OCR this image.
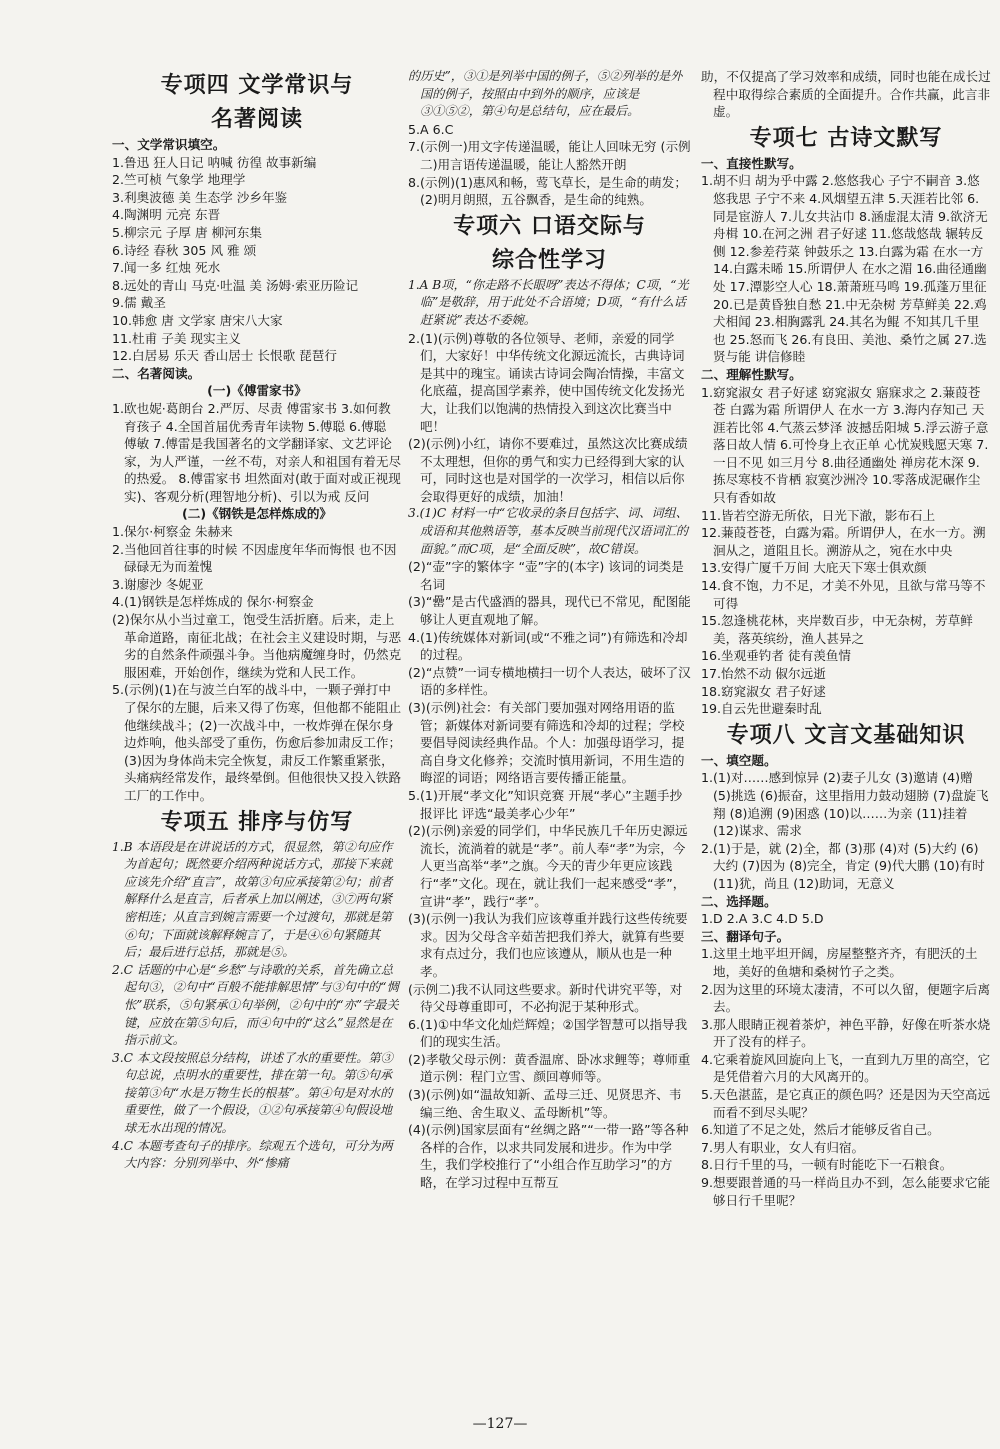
专项四 文学常识与

名著阅读

一、文学常识填空。

1.鲁迅 狂人日记 呐喊 彷徨 故事新编

2.竺可桢 气象学 地理学

3.利奥波德 美 生态学 沙乡年鉴

4.陶渊明 元亮 东晋

5.柳宗元 子厚 唐 柳河东集

6.诗经 春秋 305 风 雅 颂

7.闻一多 红烛 死水

8.远处的青山 马克·吐温 美 汤姆·索亚历险记

9.儒 戴圣

10.韩愈 唐 文学家 唐宋八大家

11.杜甫 子美 现实主义

12.白居易 乐天 香山居士 长恨歌 琵琶行

二、名著阅读。

(一)《傅雷家书》

1.欧也妮·葛朗台 2.严厉、尽责 傅雷家书 3.如何教育孩子 4.全国首届优秀青年读物 5.傅聪 6.傅聪 傅敏 7.傅雷是我国著名的文学翻译家、文艺评论家，为人严谨，一丝不苟，对亲人和祖国有着无尽的热爱。 8.傅雷家书 坦然面对(敢于面对或正视现实)、客观分析(理智地分析)、引以为戒 反问

(二)《钢铁是怎样炼成的》

1.保尔·柯察金 朱赫来

2.当他回首往事的时候 不因虚度年华而悔恨 也不因碌碌无为而羞愧

3.谢廖沙 冬妮亚

4.(1)钢铁是怎样炼成的 保尔·柯察金

(2)保尔从小当过童工，饱受生活折磨。后来，走上革命道路，南征北战；在社会主义建设时期，与恶劣的自然条件顽强斗争。当他病魔缠身时，仍然克服困难，开始创作，继续为党和人民工作。

5.(示例)(1)在与波兰白军的战斗中，一颗子弹打中了保尔的左腿，后来又得了伤寒，但他都不能阻止他继续战斗；(2)一次战斗中，一枚炸弹在保尔身边炸响，他头部受了重伤，伤愈后参加肃反工作；(3)因为身体尚未完全恢复，肃反工作繁重紧张，头痛病经常发作，最终晕倒。但他很快又投入铁路工厂的工作中。

专项五 排序与仿写

1.B 本语段是在讲说话的方式，很显然，第②句应作为首起句；既然要介绍两种说话方式，那接下来就应该先介绍“直言”，故第③句应承接第②句；前者解释什么是直言，后者承上加以阐述，③⑦两句紧密相连；从直言到婉言需要一个过渡句，那就是第⑥句；下面就该解释婉言了，于是④⑥句紧随其后；最后进行总括，那就是⑤。

2.C 话题的中心是“乡愁”与诗歌的关系，首先确立总起句③，②句中“百般不能排解思情”与③句中的“惆怅”联系，⑤句紧承①句举例，②句中的“亦”字最关键，应放在第⑤句后，而④句中的“这么”显然是在指示前文。

3.C 本文段按照总分结构，讲述了水的重要性。第③句总说，点明水的重要性，排在第一句。第⑤句承接第③句“水是万物生长的根基”。第④句是对水的重要性，做了一个假设，①②句承接第④句假设地球无水出现的情况。

4.C 本题考查句子的排序。综观五个选句，可分为两大内容：分别列举中、外“惨痛

的历史”，③①是列举中国的例子，⑤②列举的是外国的例子，按照由中到外的顺序，应该是③①⑤②，第④句是总结句，应在最后。

5.A 6.C

7.(示例一)用文字传递温暖，能让人回味无穷 (示例二)用言语传递温暖，能让人豁然开朗

8.(示例)(1)惠风和畅，莺飞草长，是生命的萌发；(2)明月朗照，五谷飘香，是生命的纯熟。

专项六 口语交际与

综合性学习

1.A B项，“你走路不长眼呀”表达不得体；C项，“光临”是敬辞，用于此处不合语境；D项，“有什么话赶紧说”表达不委婉。

2.(1)(示例)尊敬的各位领导、老师，亲爱的同学们，大家好！中华传统文化源远流长，古典诗词是其中的瑰宝。诵读古诗词会陶冶情操，丰富文化底蕴，提高国学素养，使中国传统文化发扬光大，让我们以饱满的热情投入到这次比赛当中吧！

(2)(示例)小红，请你不要难过，虽然这次比赛成绩不太理想，但你的勇气和实力已经得到大家的认可，同时这也是对国学的一次学习，相信以后你会取得更好的成绩，加油！

3.(1)C 材料一中“它收录的条目包括字、词、词组、成语和其他熟语等，基本反映当前现代汉语词汇的面貌。”而C项，是“全面反映”，故C错误。

(2)“壶”字的繁体字 “壶”字的(本字) 该词的词类是名词

(3)“罍”是古代盛酒的器具，现代已不常见，配图能够让人更直观地了解。

4.(1)传统媒体对新词(或“不雅之词”)有筛选和冷却的过程。

(2)“点赞”一词专横地横扫一切个人表达，破坏了汉语的多样性。

(3)(示例)社会：有关部门要加强对网络用语的监管；新媒体对新词要有筛选和冷却的过程；学校要倡导阅读经典作品。个人：加强母语学习，提高自身文化修养；交流时慎用新词，不用生造的晦涩的词语；网络语言要传播正能量。

5.(1)开展“孝文化”知识竞赛 开展“孝心”主题手抄报评比 评选“最美孝心少年”

(2)(示例)亲爱的同学们，中华民族几千年历史源远流长，流淌着的就是“孝”。前人奉“孝”为宗，今人更当高举“孝”之旗。今天的青少年更应该践行“孝”文化。现在，就让我们一起来感受“孝”，宣讲“孝”，践行“孝”。

(3)(示例一)我认为我们应该尊重并践行这些传统要求。因为父母含辛茹苦把我们养大，就算有些要求有点过分，我们也应该遵从，顺从也是一种孝。

(示例二)我不认同这些要求。新时代讲究平等，对待父母尊重即可，不必拘泥于某种形式。

6.(1)①中华文化灿烂辉煌；②国学智慧可以指导我们的现实生活。

(2)孝敬父母示例：黄香温席、卧冰求鲤等；尊师重道示例：程门立雪、颜回尊师等。

(3)(示例)如“温故知新、孟母三迁、见贤思齐、韦编三绝、舍生取义、孟母断机”等。

(4)(示例)国家层面有“丝绸之路”“一带一路”等各种各样的合作，以求共同发展和进步。作为中学生，我们学校推行了“小组合作互助学习”的方略，在学习过程中互帮互

助，不仅提高了学习效率和成绩，同时也能在成长过程中取得综合素质的全面提升。合作共赢，此言非虚。

专项七 古诗文默写

一、直接性默写。

1.胡不归 胡为乎中露 2.悠悠我心 子宁不嗣音 3.悠悠我思 子宁不来 4.风烟望五津 5.天涯若比邻 6.同是宦游人 7.儿女共沾巾 8.涵虚混太清 9.欲济无舟楫 10.在河之洲 君子好逑 11.悠哉悠哉 辗转反侧 12.参差荇菜 钟鼓乐之 13.白露为霜 在水一方 14.白露未晞 15.所谓伊人 在水之湄 16.曲径通幽处 17.潭影空人心 18.萧萧班马鸣 19.孤蓬万里征 20.已是黄昏独自愁 21.中无杂树 芳草鲜美 22.鸡犬相闻 23.相胸露乳 24.其名为鲲 不知其几千里也 25.怒而飞 26.有良田、美池、桑竹之属 27.选贤与能 讲信修睦

二、理解性默写。

1.窈窕淑女 君子好逑 窈窕淑女 寤寐求之 2.蒹葭苍苍 白露为霜 所谓伊人 在水一方 3.海内存知己 天涯若比邻 4.气蒸云梦泽 波撼岳阳城 5.浮云游子意 落日故人情 6.可怜身上衣正单 心忧炭贱愿天寒 7.一日不见 如三月兮 8.曲径通幽处 禅房花木深 9.拣尽寒枝不肯栖 寂寞沙洲冷 10.零落成泥碾作尘 只有香如故

11.皆若空游无所依，日光下澈，影布石上

12.蒹葭苍苍，白露为霜。所谓伊人，在水一方。溯洄从之，道阻且长。溯游从之，宛在水中央

13.安得广厦千万间 大庇天下寒士俱欢颜

14.食不饱，力不足，才美不外见，且欲与常马等不可得

15.忽逢桃花林，夹岸数百步，中无杂树，芳草鲜美，落英缤纷，渔人甚异之

16.坐观垂钓者 徒有羡鱼情

17.怡然不动 俶尔远逝

18.窈窕淑女 君子好逑

19.自云先世避秦时乱

专项八 文言文基础知识

一、填空题。

1.(1)对……感到惊异 (2)妻子儿女 (3)邀请 (4)赠 (5)挑选 (6)振奋，这里指用力鼓动翅膀 (7)盘旋飞翔 (8)追溯 (9)困惑 (10)以……为亲 (11)挂着 (12)谋求、需求

2.(1)于是，就 (2)全，都 (3)那 (4)对 (5)大约 (6)大约 (7)因为 (8)完全，肯定 (9)代大鹏 (10)有时 (11)犹，尚且 (12)助词，无意义

二、选择题。

1.D 2.A 3.C 4.D 5.D

三、翻译句子。

1.这里土地平坦开阔，房屋整整齐齐，有肥沃的土地，美好的鱼塘和桑树竹子之类。

2.因为这里的环境太凄清，不可以久留，便题字后离去。

3.那人眼睛正视着茶炉，神色平静，好像在听茶水烧开了没有的样子。

4.它乘着旋风回旋向上飞，一直到九万里的高空，它是凭借着六月的大风离开的。

5.天色湛蓝，是它真正的颜色吗？还是因为天空高远而看不到尽头呢？

6.知道了不足之处，然后才能够反省自己。

7.男人有职业，女人有归宿。

8.日行千里的马，一顿有时能吃下一石粮食。

9.想要跟普通的马一样尚且办不到，怎么能要求它能够日行千里呢？

—127—
